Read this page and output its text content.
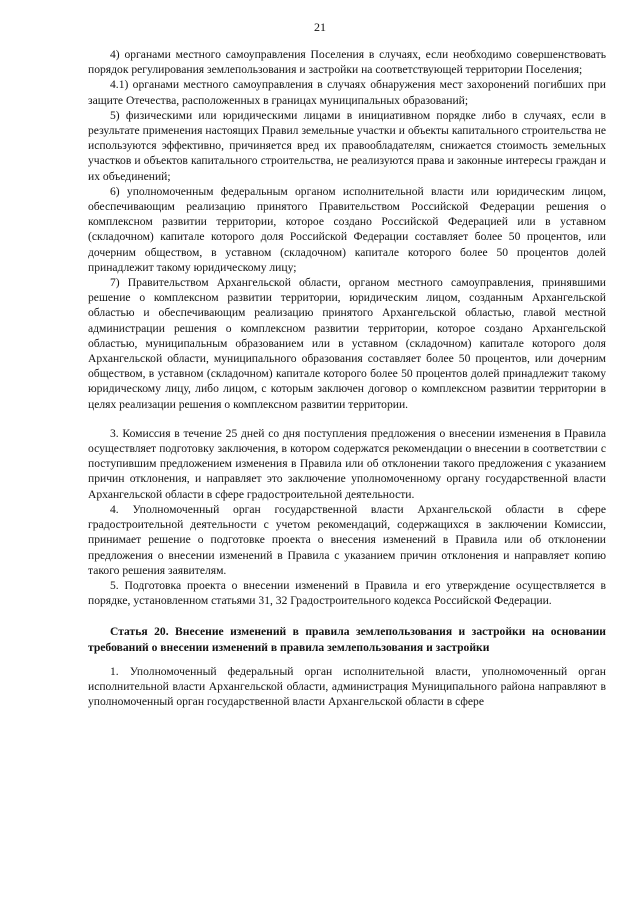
21

4) органами местного самоуправления Поселения в случаях, если необходимо совершенствовать порядок регулирования землепользования и застройки на соответствующей территории Поселения;

4.1) органами местного самоуправления в случаях обнаружения мест захоронений погибших при защите Отечества, расположенных в границах муниципальных образований;

5) физическими или юридическими лицами в инициативном порядке либо в случаях, если в результате применения настоящих Правил земельные участки и объекты капитального строительства не используются эффективно, причиняется вред их правообладателям, снижается стоимость земельных участков и объектов капитального строительства, не реализуются права и законные интересы граждан и их объединений;

6) уполномоченным федеральным органом исполнительной власти или юридическим лицом, обеспечивающим реализацию принятого Правительством Российской Федерации решения о комплексном развитии территории, которое создано Российской Федерацией или в уставном (складочном) капитале которого доля Российской Федерации составляет более 50 процентов, или дочерним обществом, в уставном (складочном) капитале которого более 50 процентов долей принадлежит такому юридическому лицу;

7) Правительством Архангельской области, органом местного самоуправления, принявшими решение о комплексном развитии территории, юридическим лицом, созданным Архангельской областью и обеспечивающим реализацию принятого Архангельской областью, главой местной администрации решения о комплексном развитии территории, которое создано Архангельской областью, муниципальным образованием или в уставном (складочном) капитале которого доля Архангельской области, муниципального образования составляет более 50 процентов, или дочерним обществом, в уставном (складочном) капитале которого более 50 процентов долей принадлежит такому юридическому лицу, либо лицом, с которым заключен договор о комплексном развитии территории в целях реализации решения о комплексном развитии территории.

3. Комиссия в течение 25 дней со дня поступления предложения о внесении изменения в Правила осуществляет подготовку заключения, в котором содержатся рекомендации о внесении в соответствии с поступившим предложением изменения в Правила или об отклонении такого предложения с указанием причин отклонения, и направляет это заключение уполномоченному органу государственной власти Архангельской области в сфере градостроительной деятельности.

4. Уполномоченный орган государственной власти Архангельской области в сфере градостроительной деятельности с учетом рекомендаций, содержащихся в заключении Комиссии, принимает решение о подготовке проекта о внесения изменений в Правила или об отклонении предложения о внесении изменений в Правила с указанием причин отклонения и направляет копию такого решения заявителям.

5. Подготовка проекта о внесении изменений в Правила и его утверждение осуществляется в порядке, установленном статьями 31, 32 Градостроительного кодекса Российской Федерации.

Статья 20. Внесение изменений в правила землепользования и застройки на основании требований о внесении изменений в правила землепользования и застройки

1. Уполномоченный федеральный орган исполнительной власти, уполномоченный орган исполнительной власти Архангельской области, администрация Муниципального района направляют в уполномоченный орган государственной власти Архангельской области в сфере
